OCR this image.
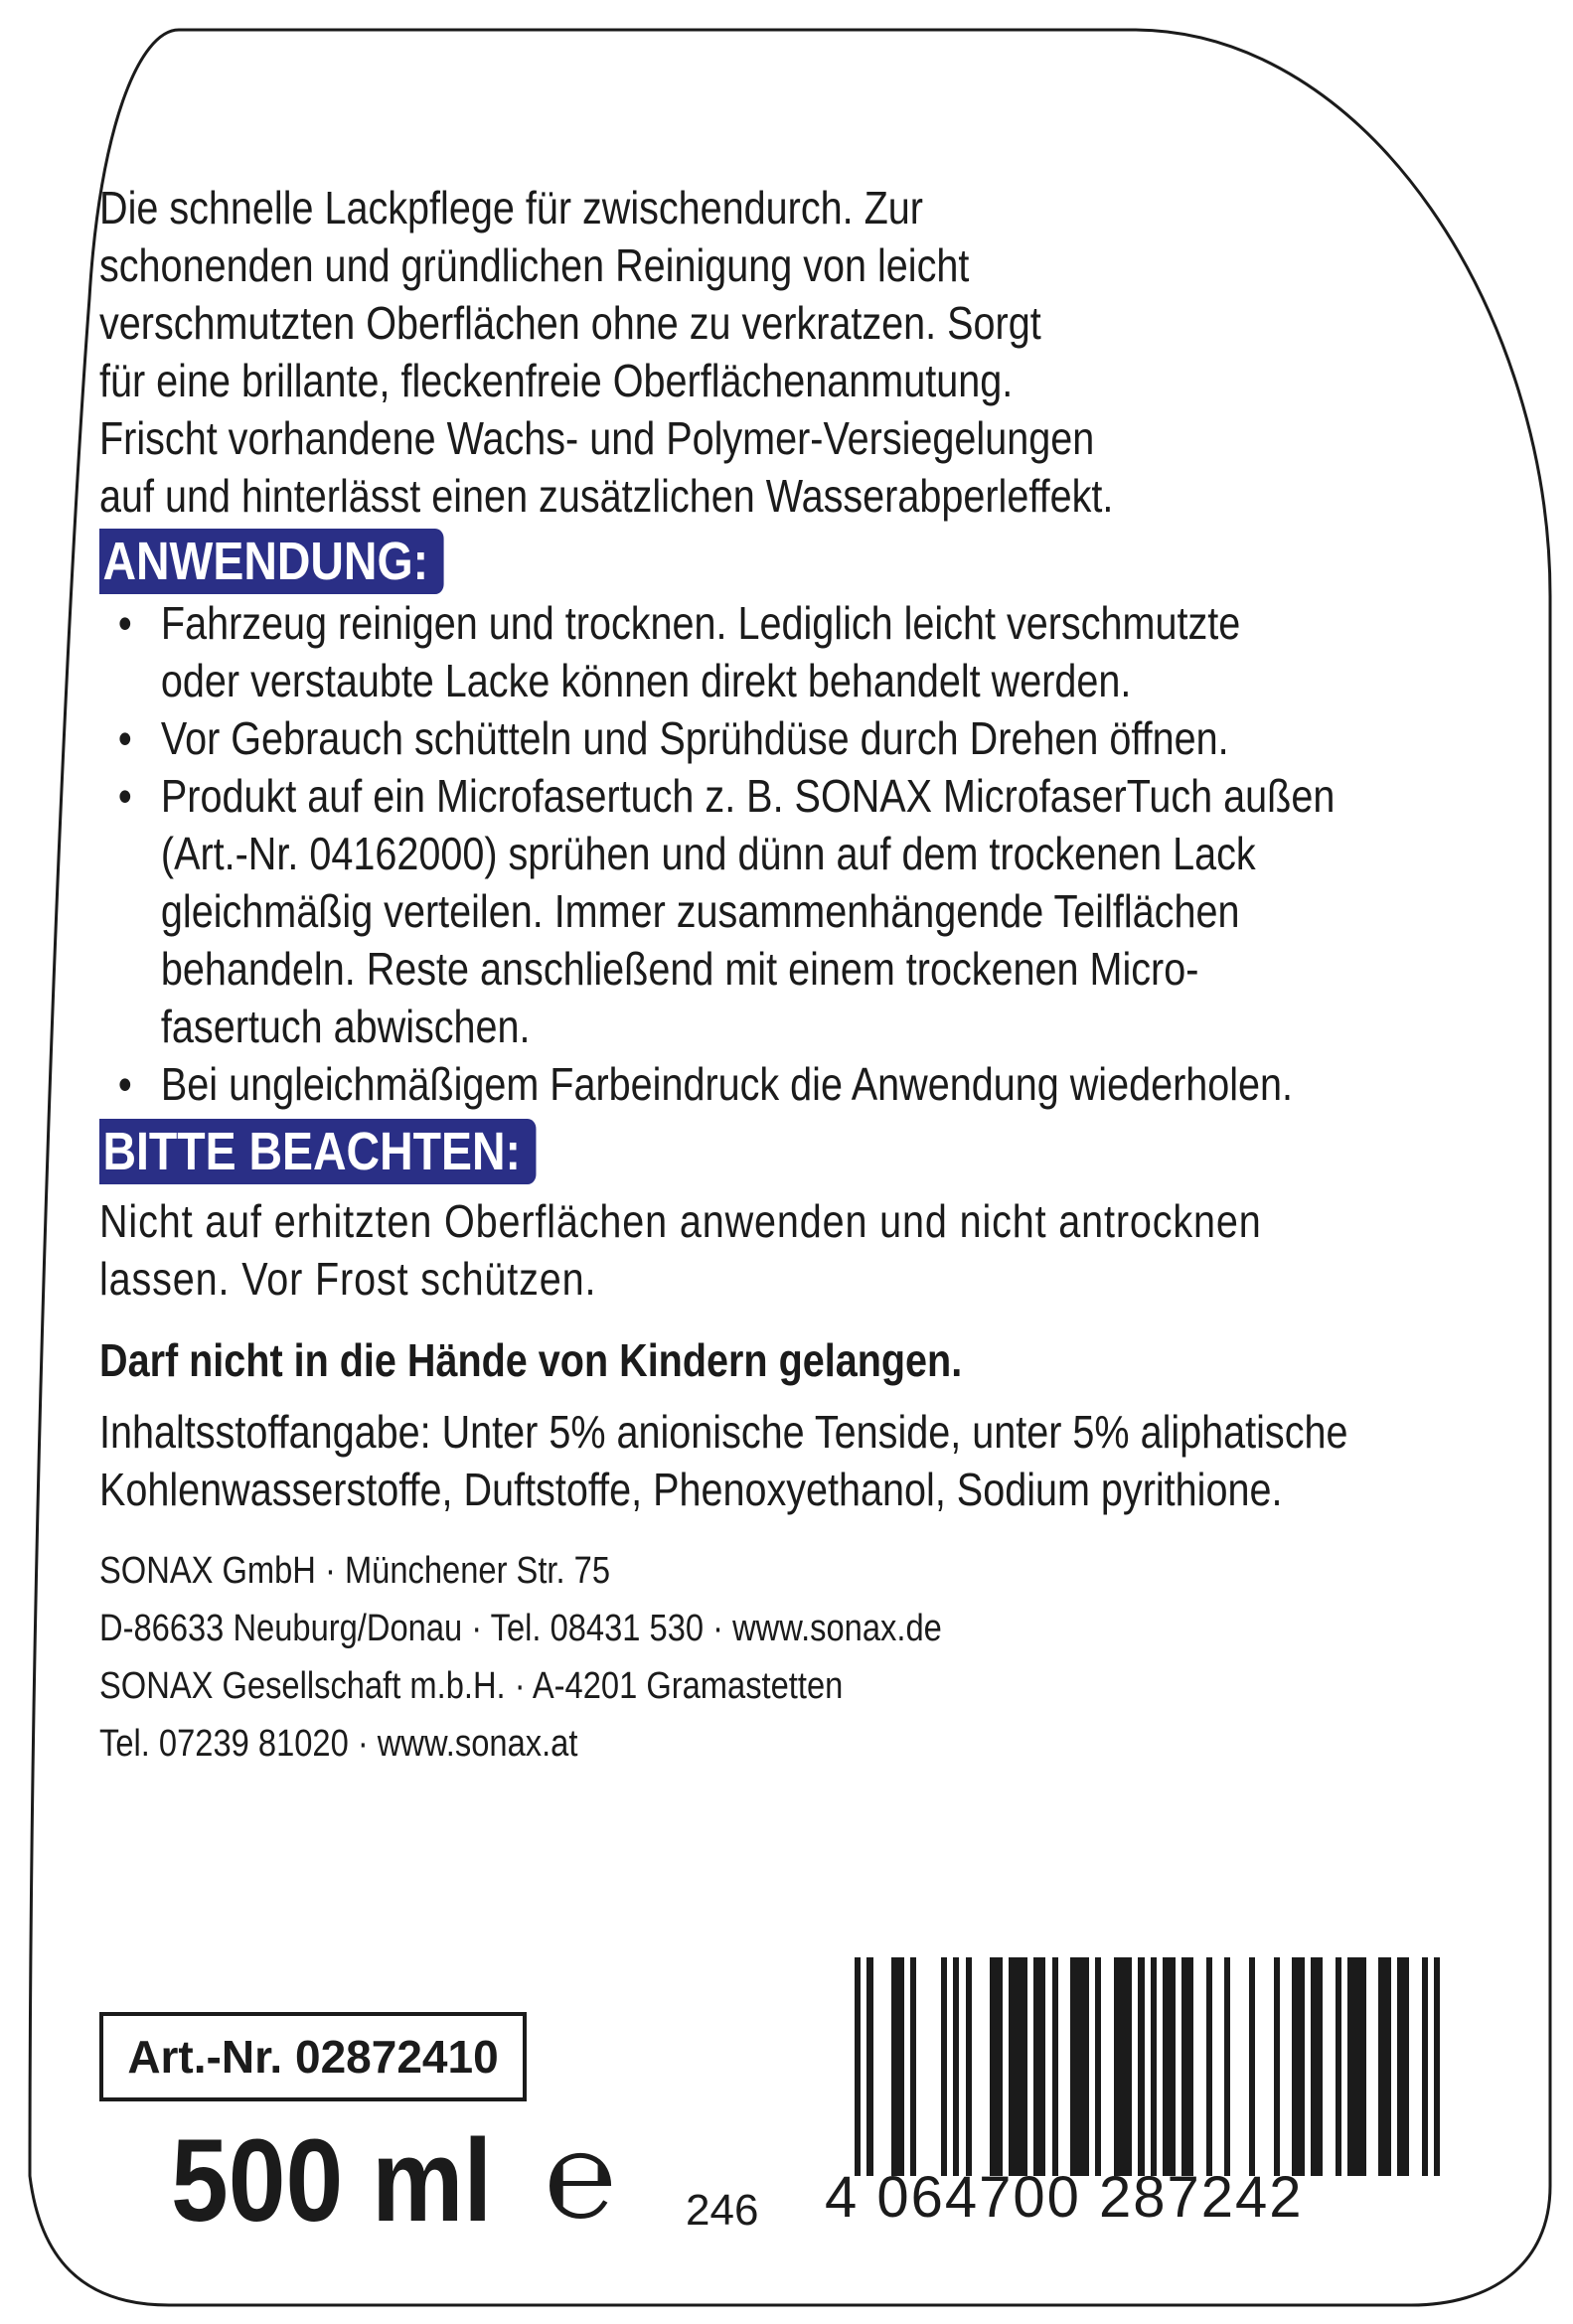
Die schnelle Lackpflege für zwischendurch. Zur
schonenden und gründlichen Reinigung von leicht
verschmutzten Oberflächen ohne zu verkratzen. Sorgt
für eine brillante, fleckenfreie Oberflächenanmutung.
Frischt vorhandene Wachs- und Polymer-Versiegelungen
auf und hinterlässt einen zusätzlichen Wasserabperleffekt.
ANWENDUNG:
• Fahrzeug reinigen und trocknen. Lediglich leicht verschmutzte
oder verstaubte Lacke können direkt behandelt werden.
• Vor Gebrauch schütteln und Sprühdüse durch Drehen öffnen.
• Produkt auf ein Microfasertuch z. B. SONAX MicrofaserTuch außen
(Art.-Nr. 04162000) sprühen und dünn auf dem trockenen Lack
gleichmäßig verteilen. Immer zusammenhängende Teilflächen
behandeln. Reste anschließend mit einem trockenen Micro-
fasertuch abwischen.
• Bei ungleichmäßigem Farbeindruck die Anwendung wiederholen.
BITTE BEACHTEN:
Nicht auf erhitzten Oberflächen anwenden und nicht antrocknen
lassen. Vor Frost schützen.
Darf nicht in die Hände von Kindern gelangen.
Inhaltsstoffangabe: Unter 5% anionische Tenside, unter 5% aliphatische
Kohlenwasserstoffe, Duftstoffe, Phenoxyethanol, Sodium pyrithione.
SONAX GmbH · Münchener Str. 75
D-86633 Neuburg/Donau · Tel. 08431 530 · www.sonax.de
SONAX Gesellschaft m.b.H. · A-4201 Gramastetten
Tel. 07239 81020 · www.sonax.at
Art.-Nr. 02872410
500 ml ℮ 246 4 064700 287242
